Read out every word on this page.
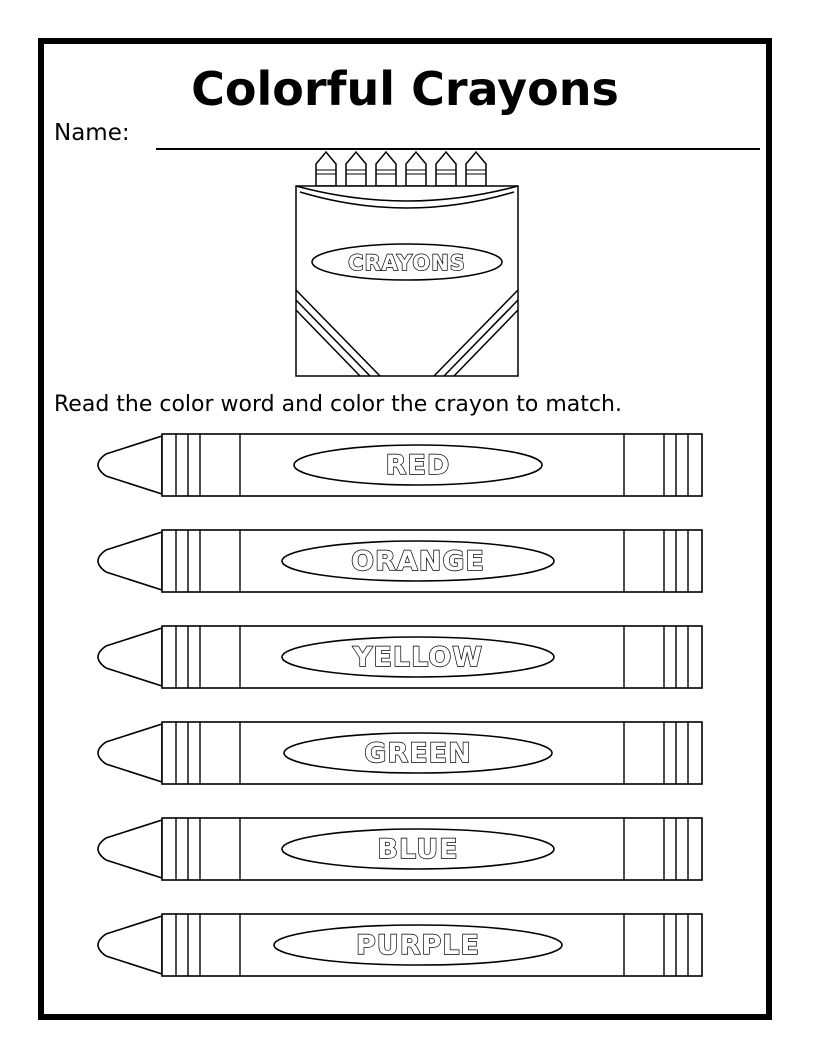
Colorful Crayons
Name:
CRAYONS
Read the color word and color the crayon to match.
RED
ORANGE
YELLOW
GREEN
BLUE
PURPLE
